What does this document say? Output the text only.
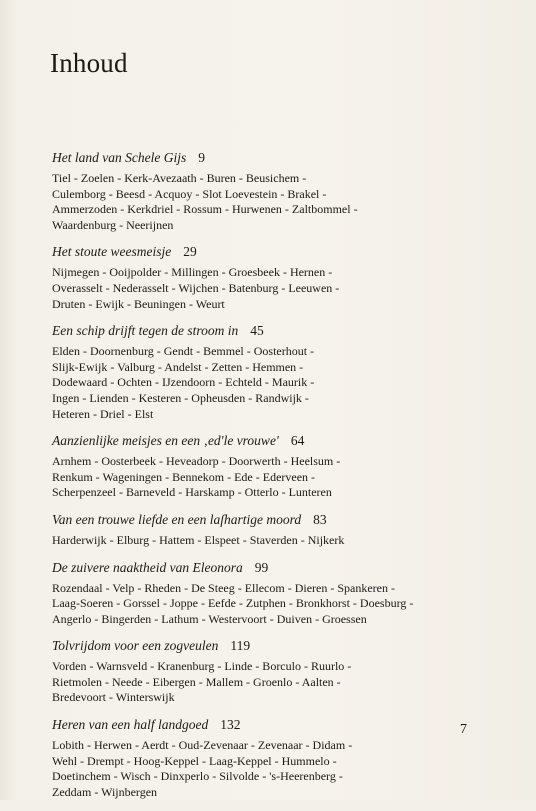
Inhoud
Het land van Schele Gijs 9
Tiel - Zoelen - Kerk-Avezaath - Buren - Beusichem -
Culemborg - Beesd - Acquoy - Slot Loevestein - Brakel -
Ammerzoden - Kerkdriel - Rossum - Hurwenen - Zaltbommel -
Waardenburg - Neerijnen
Het stoute weesmeisje 29
Nijmegen - Ooijpolder - Millingen - Groesbeek - Hernen -
Overasselt - Nederasselt - Wijchen - Batenburg - Leeuwen -
Druten - Ewijk - Beuningen - Weurt
Een schip drijft tegen de stroom in 45
Elden - Doornenburg - Gendt - Bemmel - Oosterhout -
Slijk-Ewijk - Valburg - Andelst - Zetten - Hemmen -
Dodewaard - Ochten - IJzendoorn - Echteld - Maurik -
Ingen - Lienden - Kesteren - Opheusden - Randwijk -
Heteren - Driel - Elst
Aanzienlijke meisjes en een ‚ed'le vrouwe' 64
Arnhem - Oosterbeek - Heveadorp - Doorwerth - Heelsum -
Renkum - Wageningen - Bennekom - Ede - Ederveen -
Scherpenzeel - Barneveld - Harskamp - Otterlo - Lunteren
Van een trouwe liefde en een laſhartige moord 83
Harderwijk - Elburg - Hattem - Elspeet - Staverden - Nijkerk
De zuivere naaktheid van Eleonora 99
Rozendaal - Velp - Rheden - De Steeg - Ellecom - Dieren - Spankeren -
Laag-Soeren - Gorssel - Joppe - Eefde - Zutphen - Bronkhorst - Doesburg -
Angerlo - Bingerden - Lathum - Westervoort - Duiven - Groessen
Tolvrijdom voor een zogveulen 119
Vorden - Warnsveld - Kranenburg - Linde - Borculo - Ruurlo -
Rietmolen - Neede - Eibergen - Mallem - Groenlo - Aalten -
Bredevoort - Winterswijk
Heren van een half landgoed 132
Lobith - Herwen - Aerdt - Oud-Zevenaar - Zevenaar - Didam -
Wehl - Drempt - Hoog-Keppel - Laag-Keppel - Hummelo -
Doetinchem - Wisch - Dinxperlo - Silvolde - 's-Heerenberg -
Zeddam - Wijnbergen
7
